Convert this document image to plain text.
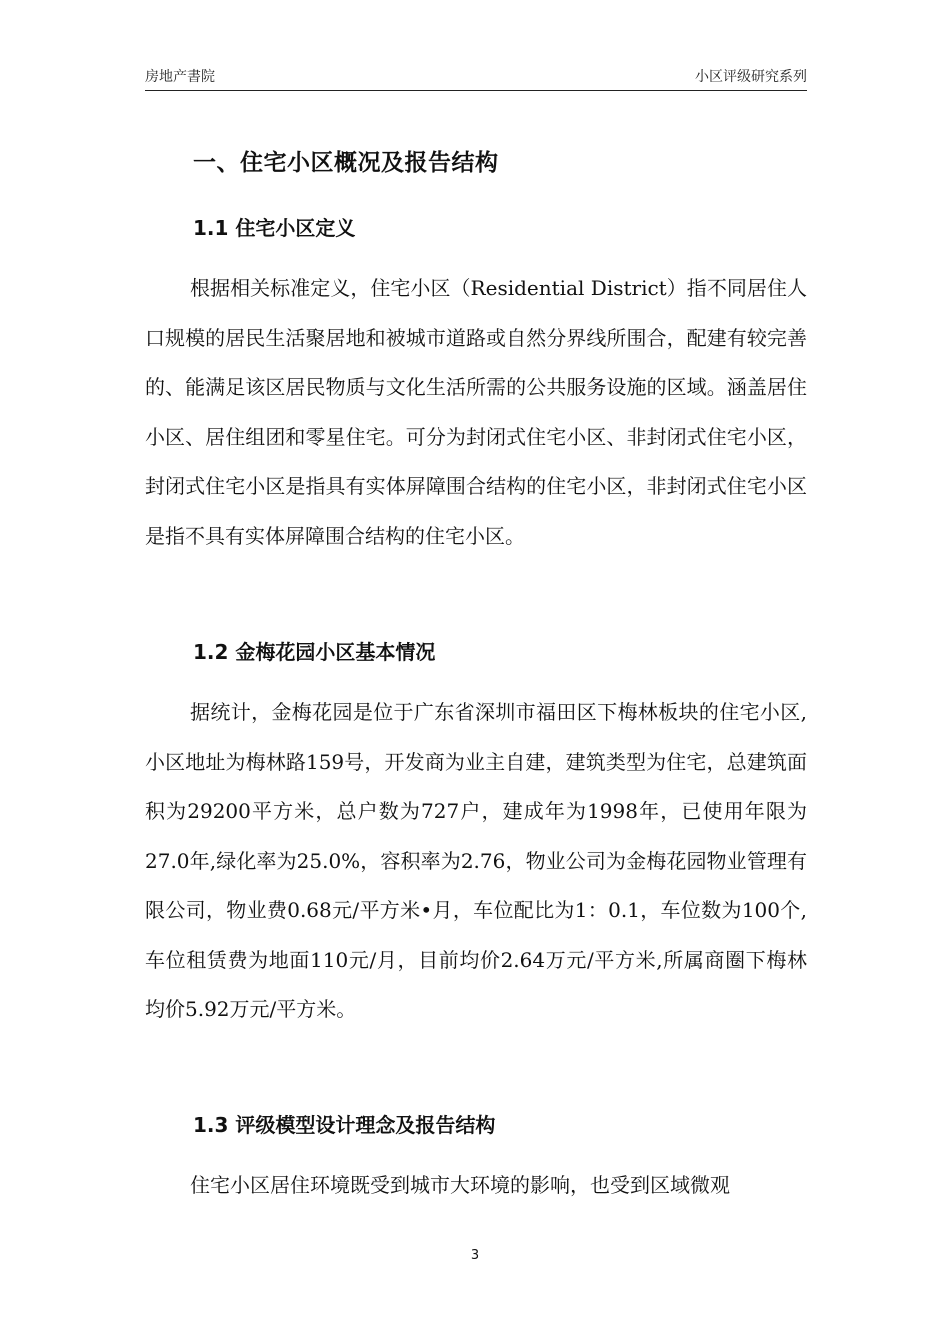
房地产書院	小区评级研究系列
一、住宅小区概况及报告结构
1.1 住宅小区定义

根据相关标准定义，住宅小区（Residential District）指不同居住人口规模的居民生活聚居地和被城市道路或自然分界线所围合，配建有较完善的、能满足该区居民物质与文化生活所需的公共服务设施的区域。涵盖居住小区、居住组团和零星住宅。可分为封闭式住宅小区、非封闭式住宅小区，封闭式住宅小区是指具有实体屏障围合结构的住宅小区，非封闭式住宅小区是指不具有实体屏障围合结构的住宅小区。

1.2 金梅花园小区基本情况

据统计，金梅花园是位于广东省深圳市福田区下梅林板块的住宅小区,小区地址为梅林路159号，开发商为业主自建，建筑类型为住宅，总建筑面积为29200平方米，总户数为727户，建成年为1998年，已使用年限为27.0年,绿化率为25.0%，容积率为2.76，物业公司为金梅花园物业管理有限公司，物业费0.68元/平方米•月，车位配比为1：0.1，车位数为100个,车位租赁费为地面110元/月，目前均价2.64万元/平方米,所属商圈下梅林均价5.92万元/平方米。

1.3 评级模型设计理念及报告结构

住宅小区居住环境既受到城市大环境的影响，也受到区域微观

3
